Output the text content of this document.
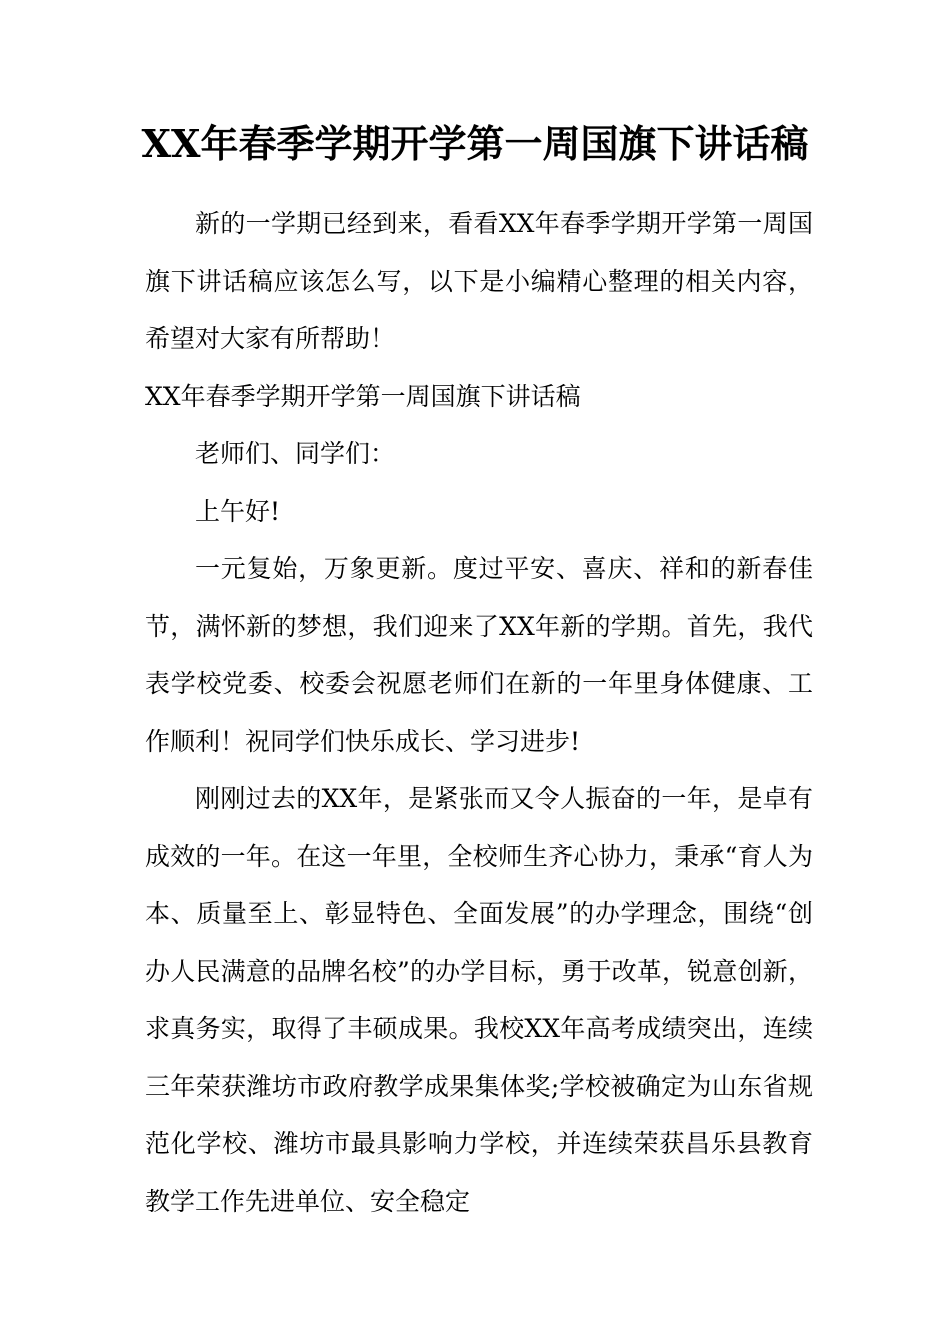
XX年春季学期开学第一周国旗下讲话稿

新的一学期已经到来，看看XX年春季学期开学第一周国旗下讲话稿应该怎么写，以下是小编精心整理的相关内容，希望对大家有所帮助！

XX年春季学期开学第一周国旗下讲话稿

老师们、同学们：

上午好!

一元复始，万象更新。度过平安、喜庆、祥和的新春佳节，满怀新的梦想，我们迎来了XX年新的学期。首先，我代表学校党委、校委会祝愿老师们在新的一年里身体健康、工作顺利！祝同学们快乐成长、学习进步!

刚刚过去的XX年，是紧张而又令人振奋的一年，是卓有成效的一年。在这一年里，全校师生齐心协力，秉承“育人为本、质量至上、彰显特色、全面发展”的办学理念，围绕“创办人民满意的品牌名校”的办学目标，勇于改革，锐意创新，求真务实，取得了丰硕成果。我校XX年高考成绩突出，连续三年荣获潍坊市政府教学成果集体奖;学校被确定为山东省规范化学校、潍坊市最具影响力学校，并连续荣获昌乐县教育教学工作先进单位、安全稳定
